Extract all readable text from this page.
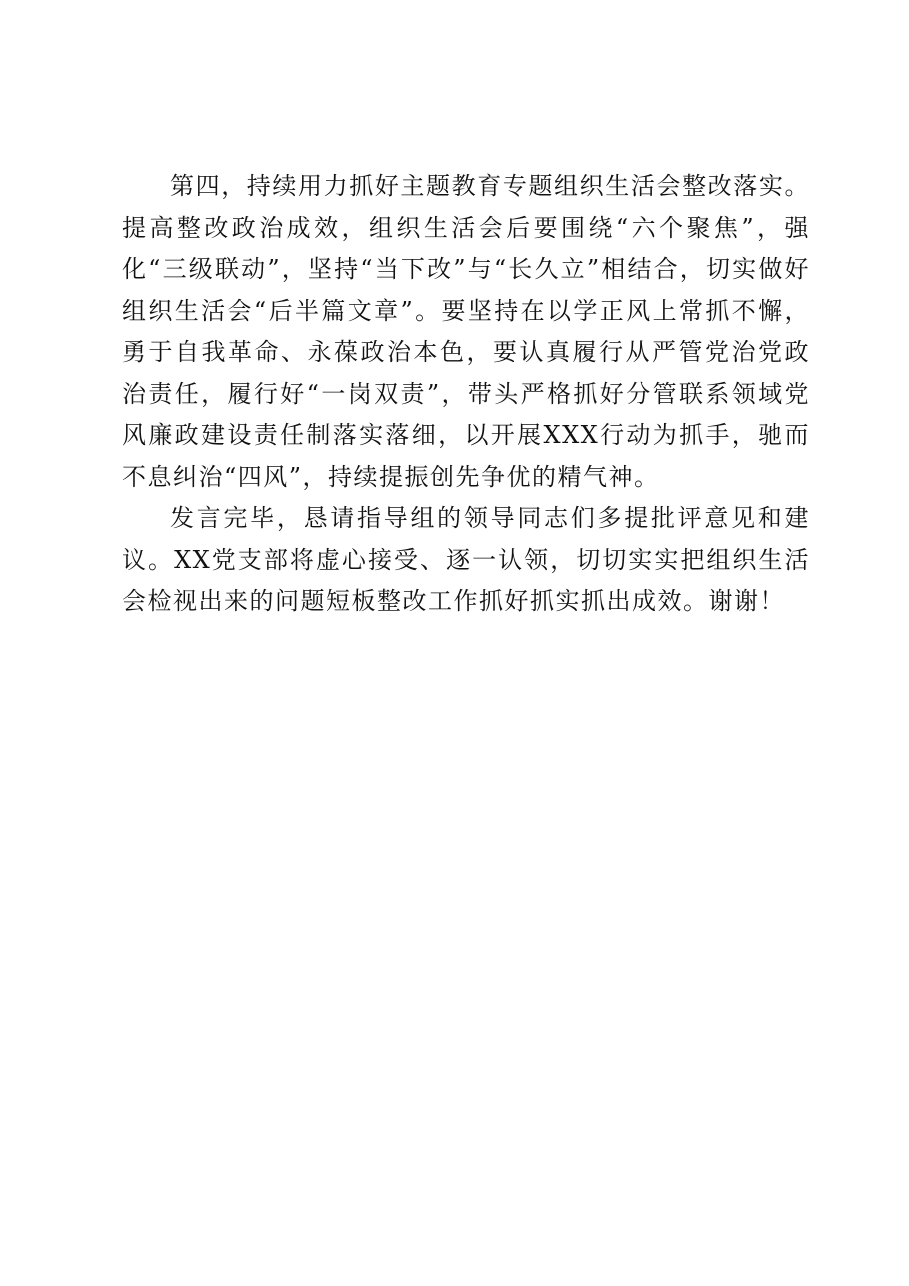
第四，持续用力抓好主题教育专题组织生活会整改落实。提高整改政治成效，组织生活会后要围绕“六个聚焦”，强化“三级联动”，坚持“当下改”与“长久立”相结合，切实做好组织生活会“后半篇文章”。要坚持在以学正风上常抓不懈，勇于自我革命、永葆政治本色，要认真履行从严管党治党政治责任，履行好“一岗双责”，带头严格抓好分管联系领域党风廉政建设责任制落实落细，以开展XXX行动为抓手，驰而不息纠治“四风”，持续提振创先争优的精气神。

发言完毕，恳请指导组的领导同志们多提批评意见和建议。XX党支部将虚心接受、逐一认领，切切实实把组织生活会检视出来的问题短板整改工作抓好抓实抓出成效。谢谢！
